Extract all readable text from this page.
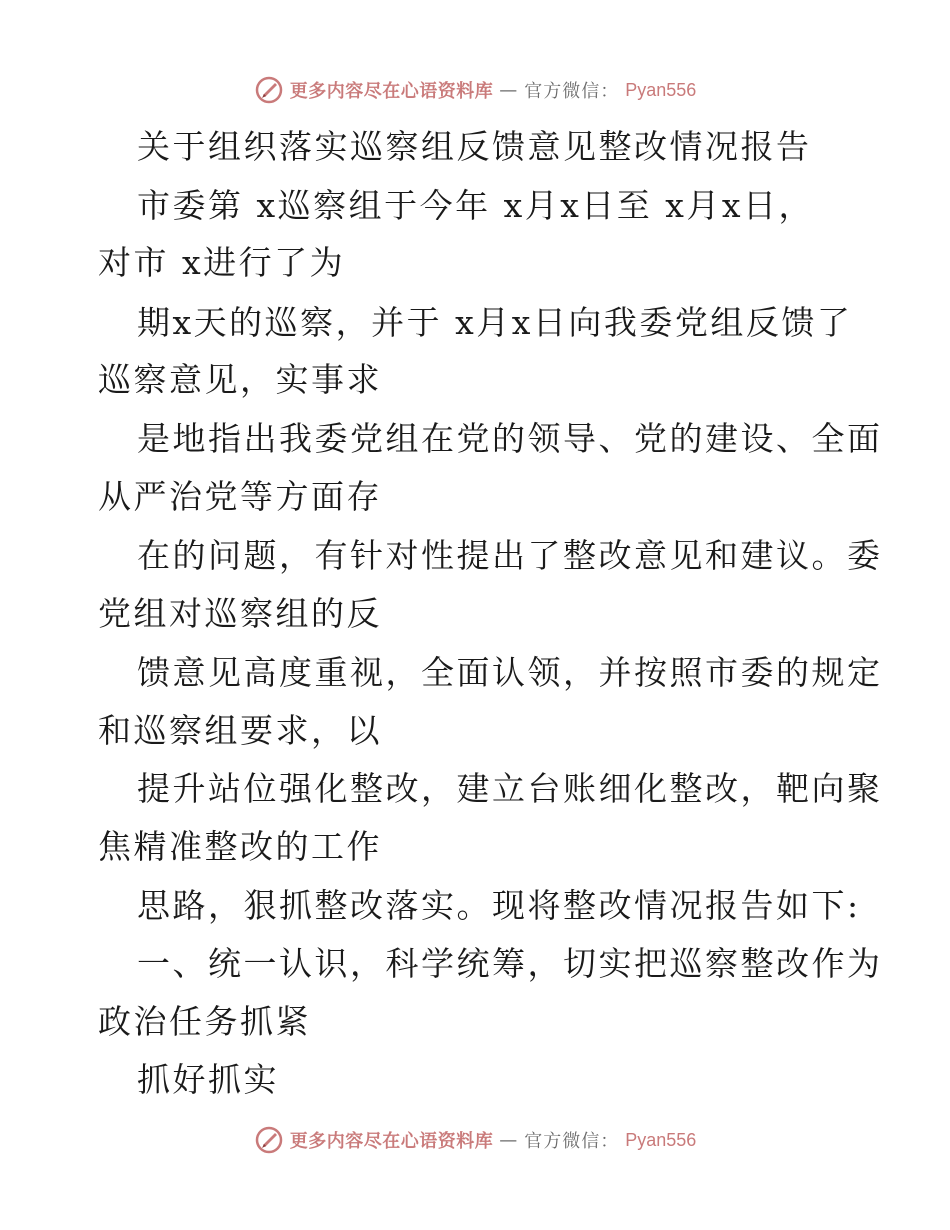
更多内容尽在心语资料库 — 官方微信： Pyan556
关于组织落实巡察组反馈意见整改情况报告
市委第 x巡察组于今年 x月x日至 x月x日，
对市 x进行了为
期x天的巡察，并于 x月x日向我委党组反馈了
巡察意见，实事求
是地指出我委党组在党的领导、党的建设、全面
从严治党等方面存
在的问题，有针对性提出了整改意见和建议。委
党组对巡察组的反
馈意见高度重视，全面认领，并按照市委的规定
和巡察组要求，以
提升站位强化整改，建立台账细化整改，靶向聚
焦精准整改的工作
思路，狠抓整改落实。现将整改情况报告如下:
一、统一认识，科学统筹，切实把巡察整改作为
政治任务抓紧
抓好抓实
更多内容尽在心语资料库 — 官方微信： Pyan556
